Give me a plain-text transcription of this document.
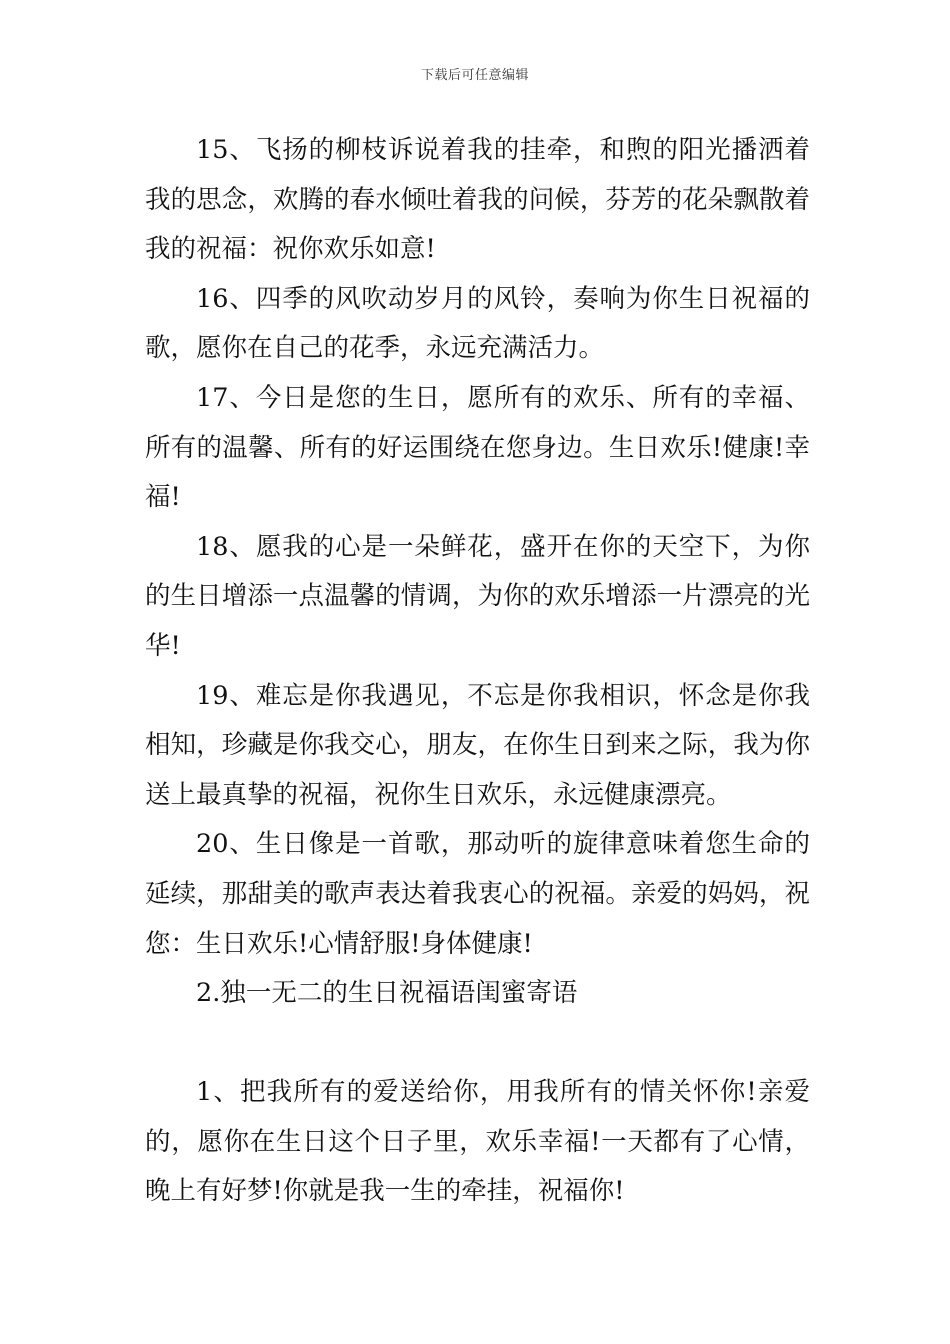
下载后可任意编辑

15、飞扬的柳枝诉说着我的挂牵，和煦的阳光播洒着我的思念，欢腾的春水倾吐着我的问候，芬芳的花朵飘散着我的祝福：祝你欢乐如意!

16、四季的风吹动岁月的风铃，奏响为你生日祝福的歌，愿你在自己的花季，永远充满活力。

17、今日是您的生日，愿所有的欢乐、所有的幸福、所有的温馨、所有的好运围绕在您身边。生日欢乐!健康!幸福!

18、愿我的心是一朵鲜花，盛开在你的天空下，为你的生日增添一点温馨的情调，为你的欢乐增添一片漂亮的光华!

19、难忘是你我遇见，不忘是你我相识，怀念是你我相知，珍藏是你我交心，朋友，在你生日到来之际，我为你送上最真挚的祝福，祝你生日欢乐，永远健康漂亮。

20、生日像是一首歌，那动听的旋律意味着您生命的延续，那甜美的歌声表达着我衷心的祝福。亲爱的妈妈，祝您：生日欢乐!心情舒服!身体健康!

2.独一无二的生日祝福语闺蜜寄语

1、把我所有的爱送给你，用我所有的情关怀你!亲爱的，愿你在生日这个日子里，欢乐幸福!一天都有了心情，晚上有好梦!你就是我一生的牵挂，祝福你!
